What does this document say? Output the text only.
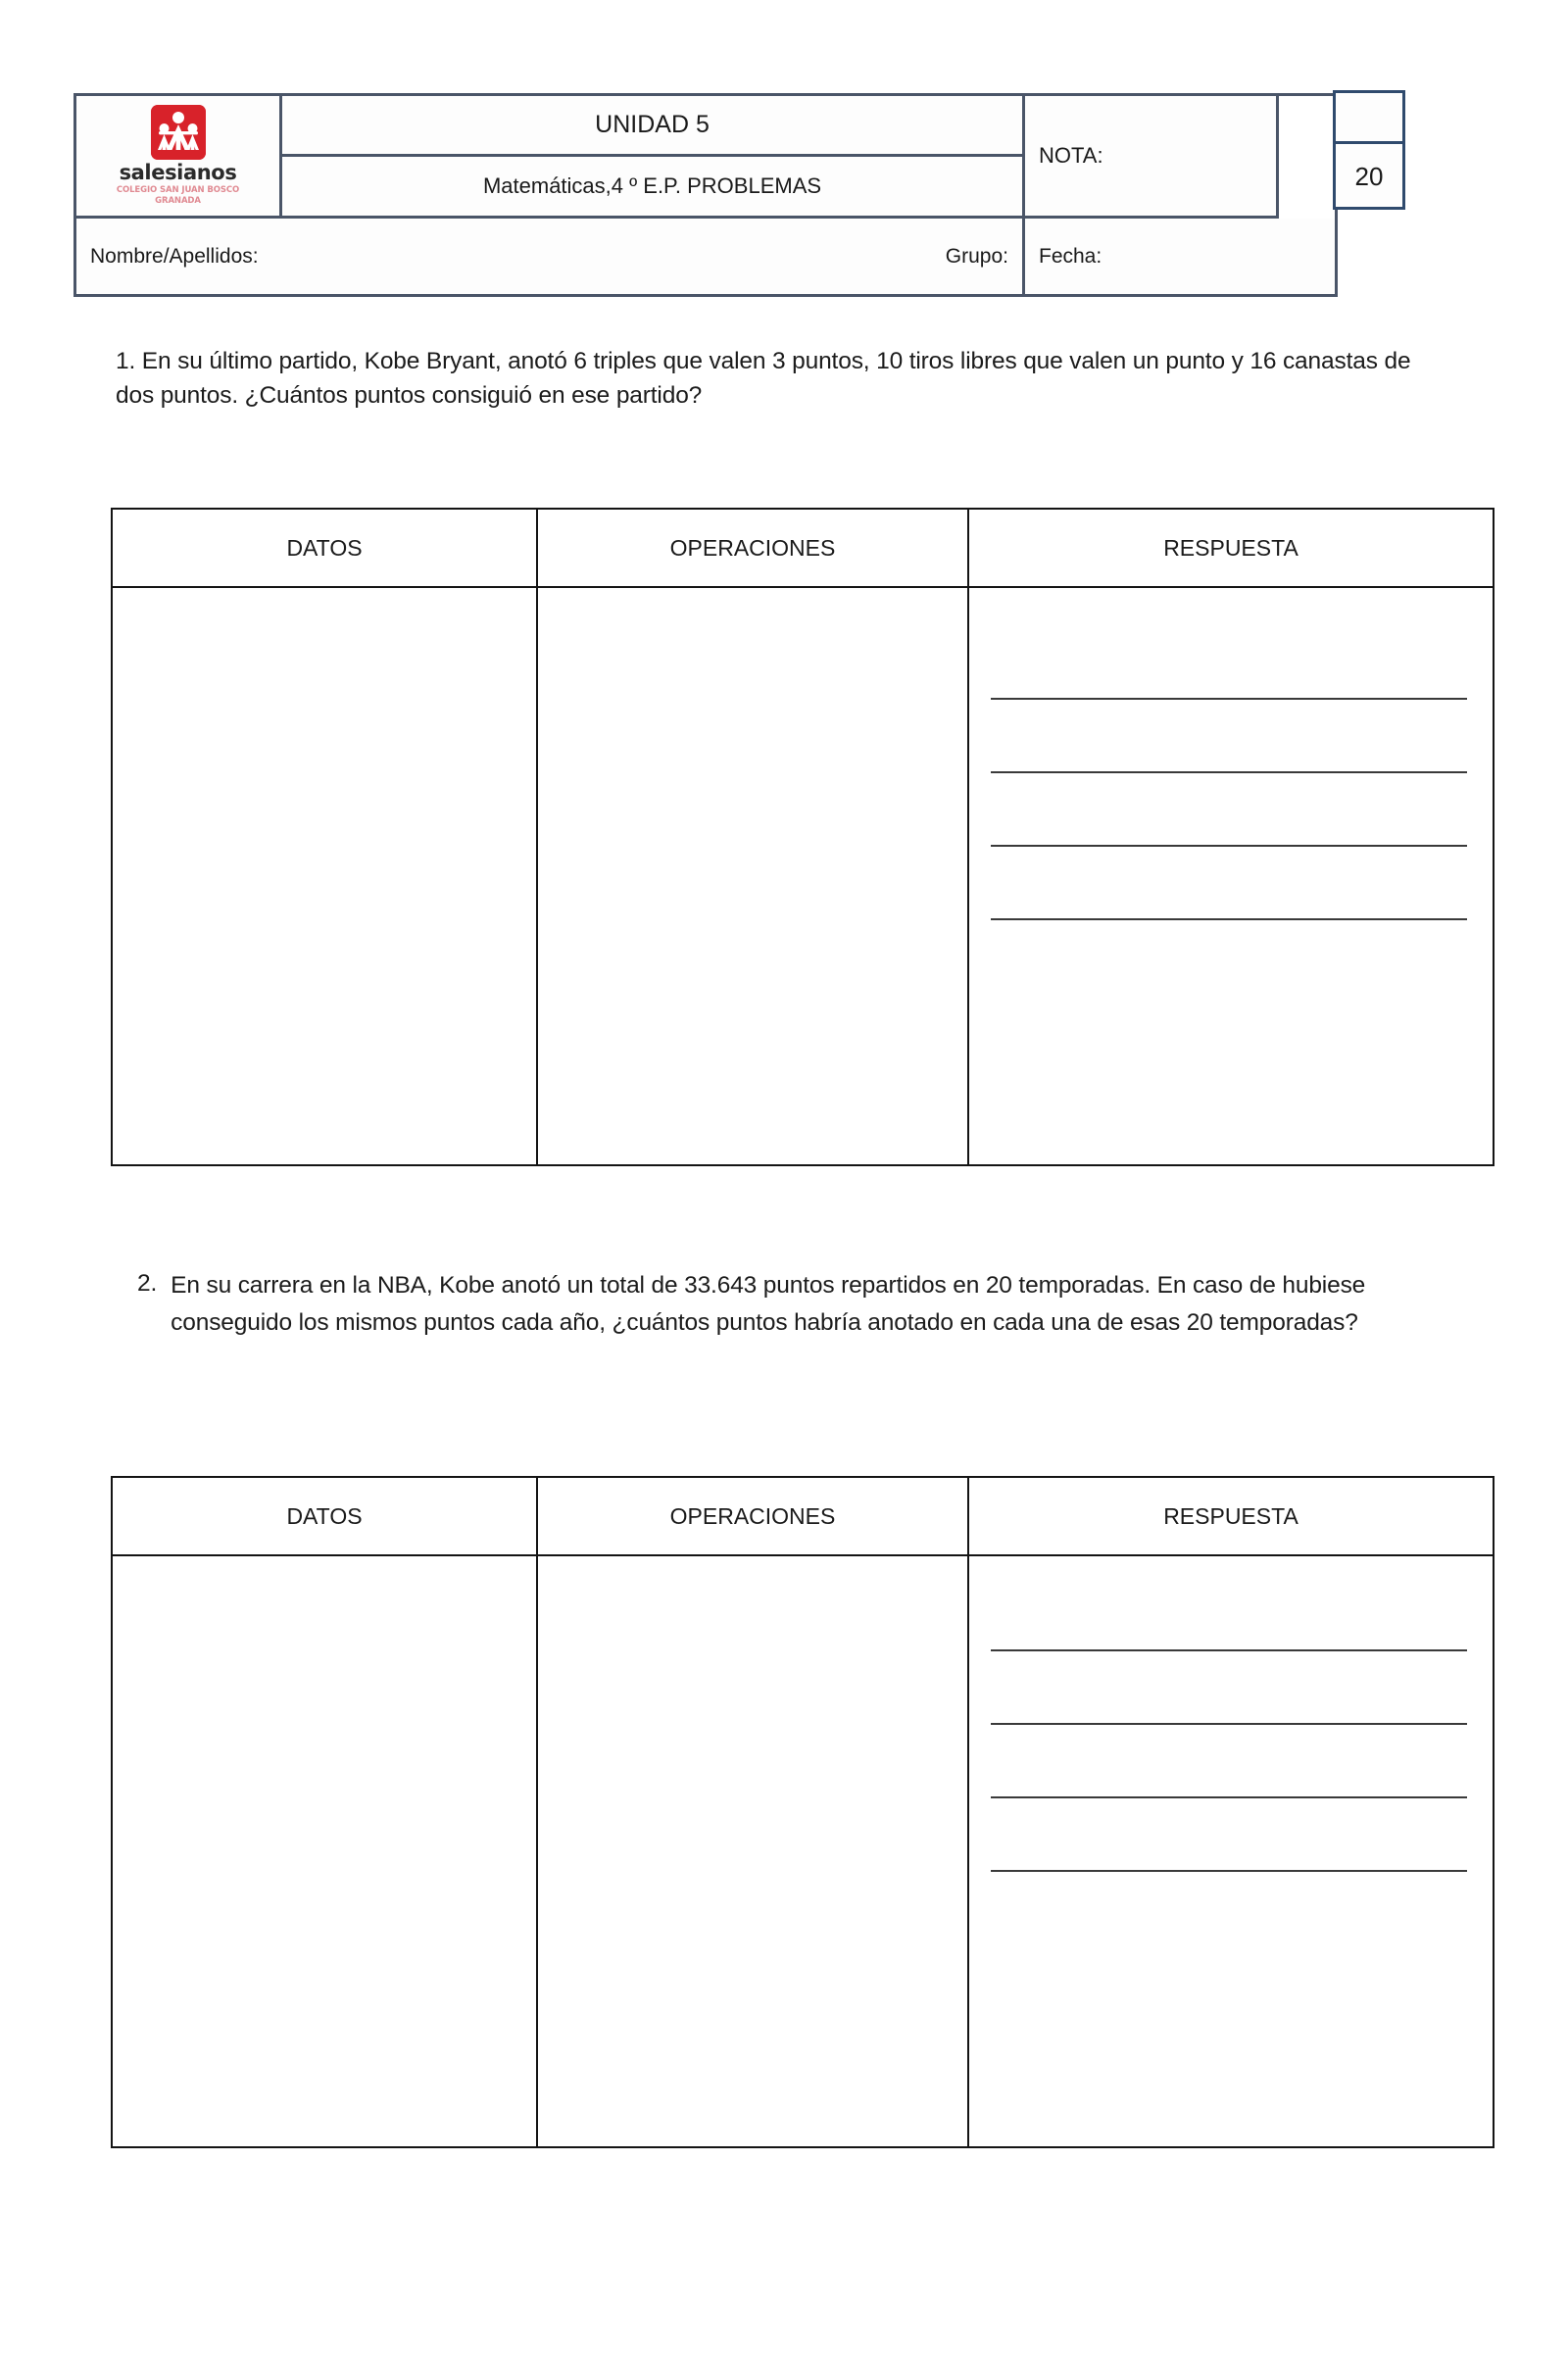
salesianos
COLEGIO SAN JUAN BOSCO
GRANADA
UNIDAD 5
Matemáticas,4 º E.P. PROBLEMAS
NOTA:
Nombre/Apellidos:	Grupo: Fecha:
20
1. En su último partido, Kobe Bryant, anotó 6 triples que valen 3 puntos, 10 tiros libres que valen un punto y 16 canastas de dos puntos. ¿Cuántos puntos consiguió en ese partido?
DATOS	OPERACIONES	RESPUESTA
2. En su carrera en la NBA, Kobe anotó un total de 33.643 puntos repartidos en 20 temporadas. En caso de hubiese conseguido los mismos puntos cada año, ¿cuántos puntos habría anotado en cada una de esas 20 temporadas?
DATOS	OPERACIONES	RESPUESTA
